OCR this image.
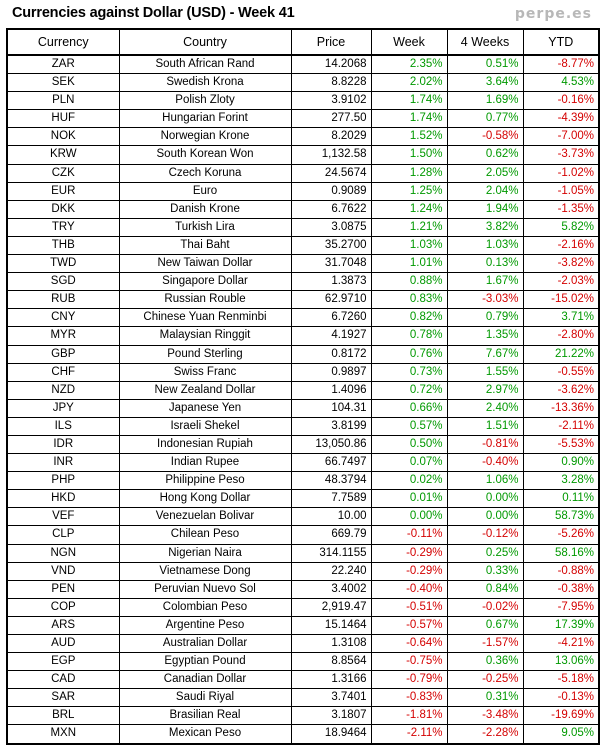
Currencies against Dollar (USD) - Week 41	perpe.es
Currency	Country	Price	Week	4 Weeks	YTD
ZAR	South African Rand	14.2068	2.35%	0.51%	-8.77%
SEK	Swedish Krona	8.8228	2.02%	3.64%	4.53%
PLN	Polish Zloty	3.9102	1.74%	1.69%	-0.16%
HUF	Hungarian Forint	277.50	1.74%	0.77%	-4.39%
NOK	Norwegian Krone	8.2029	1.52%	-0.58%	-7.00%
KRW	South Korean Won	1,132.58	1.50%	0.62%	-3.73%
CZK	Czech Koruna	24.5674	1.28%	2.05%	-1.02%
EUR	Euro	0.9089	1.25%	2.04%	-1.05%
DKK	Danish Krone	6.7622	1.24%	1.94%	-1.35%
TRY	Turkish Lira	3.0875	1.21%	3.82%	5.82%
THB	Thai Baht	35.2700	1.03%	1.03%	-2.16%
TWD	New Taiwan Dollar	31.7048	1.01%	0.13%	-3.82%
SGD	Singapore Dollar	1.3873	0.88%	1.67%	-2.03%
RUB	Russian Rouble	62.9710	0.83%	-3.03%	-15.02%
CNY	Chinese Yuan Renminbi	6.7260	0.82%	0.79%	3.71%
MYR	Malaysian Ringgit	4.1927	0.78%	1.35%	-2.80%
GBP	Pound Sterling	0.8172	0.76%	7.67%	21.22%
CHF	Swiss Franc	0.9897	0.73%	1.55%	-0.55%
NZD	New Zealand Dollar	1.4096	0.72%	2.97%	-3.62%
JPY	Japanese Yen	104.31	0.66%	2.40%	-13.36%
ILS	Israeli Shekel	3.8199	0.57%	1.51%	-2.11%
IDR	Indonesian Rupiah	13,050.86	0.50%	-0.81%	-5.53%
INR	Indian Rupee	66.7497	0.07%	-0.40%	0.90%
PHP	Philippine Peso	48.3794	0.02%	1.06%	3.28%
HKD	Hong Kong Dollar	7.7589	0.01%	0.00%	0.11%
VEF	Venezuelan Bolivar	10.00	0.00%	0.00%	58.73%
CLP	Chilean Peso	669.79	-0.11%	-0.12%	-5.26%
NGN	Nigerian Naira	314.1155	-0.29%	0.25%	58.16%
VND	Vietnamese Dong	22.240	-0.29%	0.33%	-0.88%
PEN	Peruvian Nuevo Sol	3.4002	-0.40%	0.84%	-0.38%
COP	Colombian Peso	2,919.47	-0.51%	-0.02%	-7.95%
ARS	Argentine Peso	15.1464	-0.57%	0.67%	17.39%
AUD	Australian Dollar	1.3108	-0.64%	-1.57%	-4.21%
EGP	Egyptian Pound	8.8564	-0.75%	0.36%	13.06%
CAD	Canadian Dollar	1.3166	-0.79%	-0.25%	-5.18%
SAR	Saudi Riyal	3.7401	-0.83%	0.31%	-0.13%
BRL	Brasilian Real	3.1807	-1.81%	-3.48%	-19.69%
MXN	Mexican Peso	18.9464	-2.11%	-2.28%	9.05%
